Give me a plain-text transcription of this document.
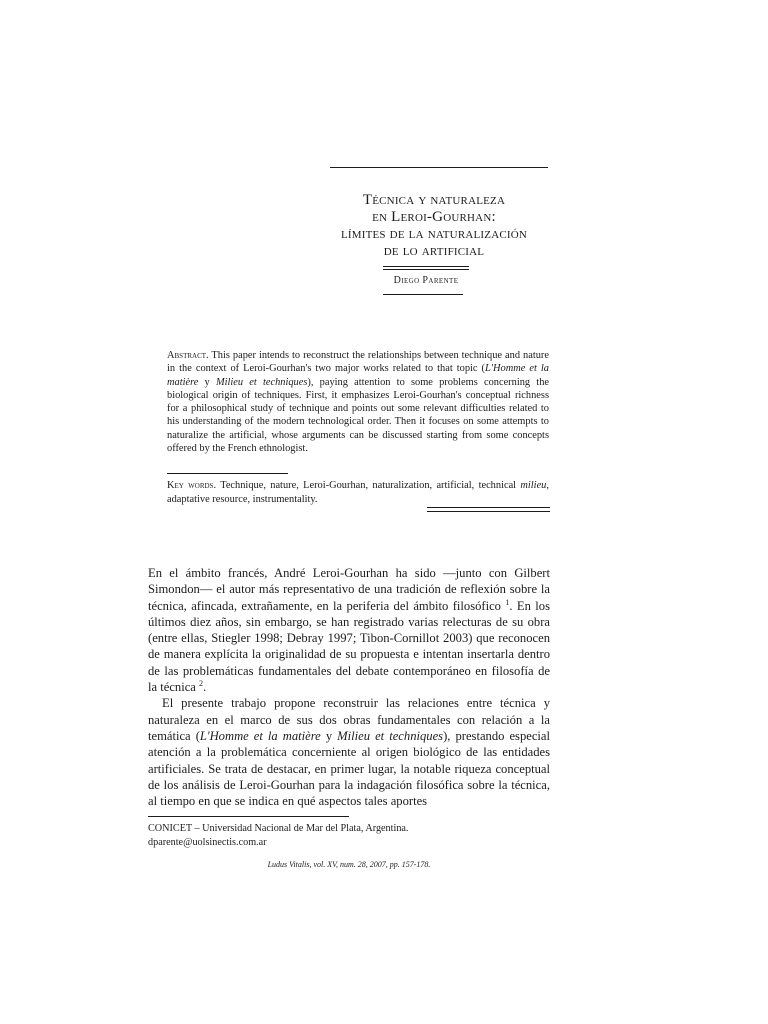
Técnica y naturaleza
en Leroi-Gourhan:
límites de la naturalización
de lo artificial
Diego Parente
Abstract. This paper intends to reconstruct the relationships between technique and nature in the context of Leroi-Gourhan's two major works related to that topic (L'Homme et la matière y Milieu et techniques), paying attention to some problems concerning the biological origin of techniques. First, it emphasizes Leroi-Gourhan's conceptual richness for a philosophical study of technique and points out some relevant difficulties related to his understanding of the modern technological order. Then it focuses on some attempts to naturalize the artificial, whose arguments can be discussed starting from some concepts offered by the French ethnologist.
Key words. Technique, nature, Leroi-Gourhan, naturalization, artificial, technical milieu, adaptative resource, instrumentality.

En el ámbito francés, André Leroi-Gourhan ha sido —junto con Gilbert Simondon— el autor más representativo de una tradición de reflexión sobre la técnica, afincada, extrañamente, en la periferia del ámbito filosófico $^1$. En los últimos diez años, sin embargo, se han registrado varias relecturas de su obra (entre ellas, Stiegler 1998; Debray 1997; Tibon-Cornillot 2003) que reconocen de manera explícita la originalidad de su propuesta e intentan insertarla dentro de las problemáticas fundamentales del debate contemporáneo en filosofía de la técnica $^2$.

El presente trabajo propone reconstruir las relaciones entre técnica y naturaleza en el marco de sus dos obras fundamentales con relación a la temática (L'Homme et la matière y Milieu et techniques), prestando especial atención a la problemática concerniente al origen biológico de las entidades artificiales. Se trata de destacar, en primer lugar, la notable riqueza conceptual de los análisis de Leroi-Gourhan para la indagación filosófica sobre la técnica, al tiempo en que se indica en qué aspectos tales aportes

CONICET – Universidad Nacional de Mar del Plata, Argentina.
dparente@uolsinectis.com.ar
Ludus Vitalis, vol. XV, num. 28, 2007, pp. 157-178.
